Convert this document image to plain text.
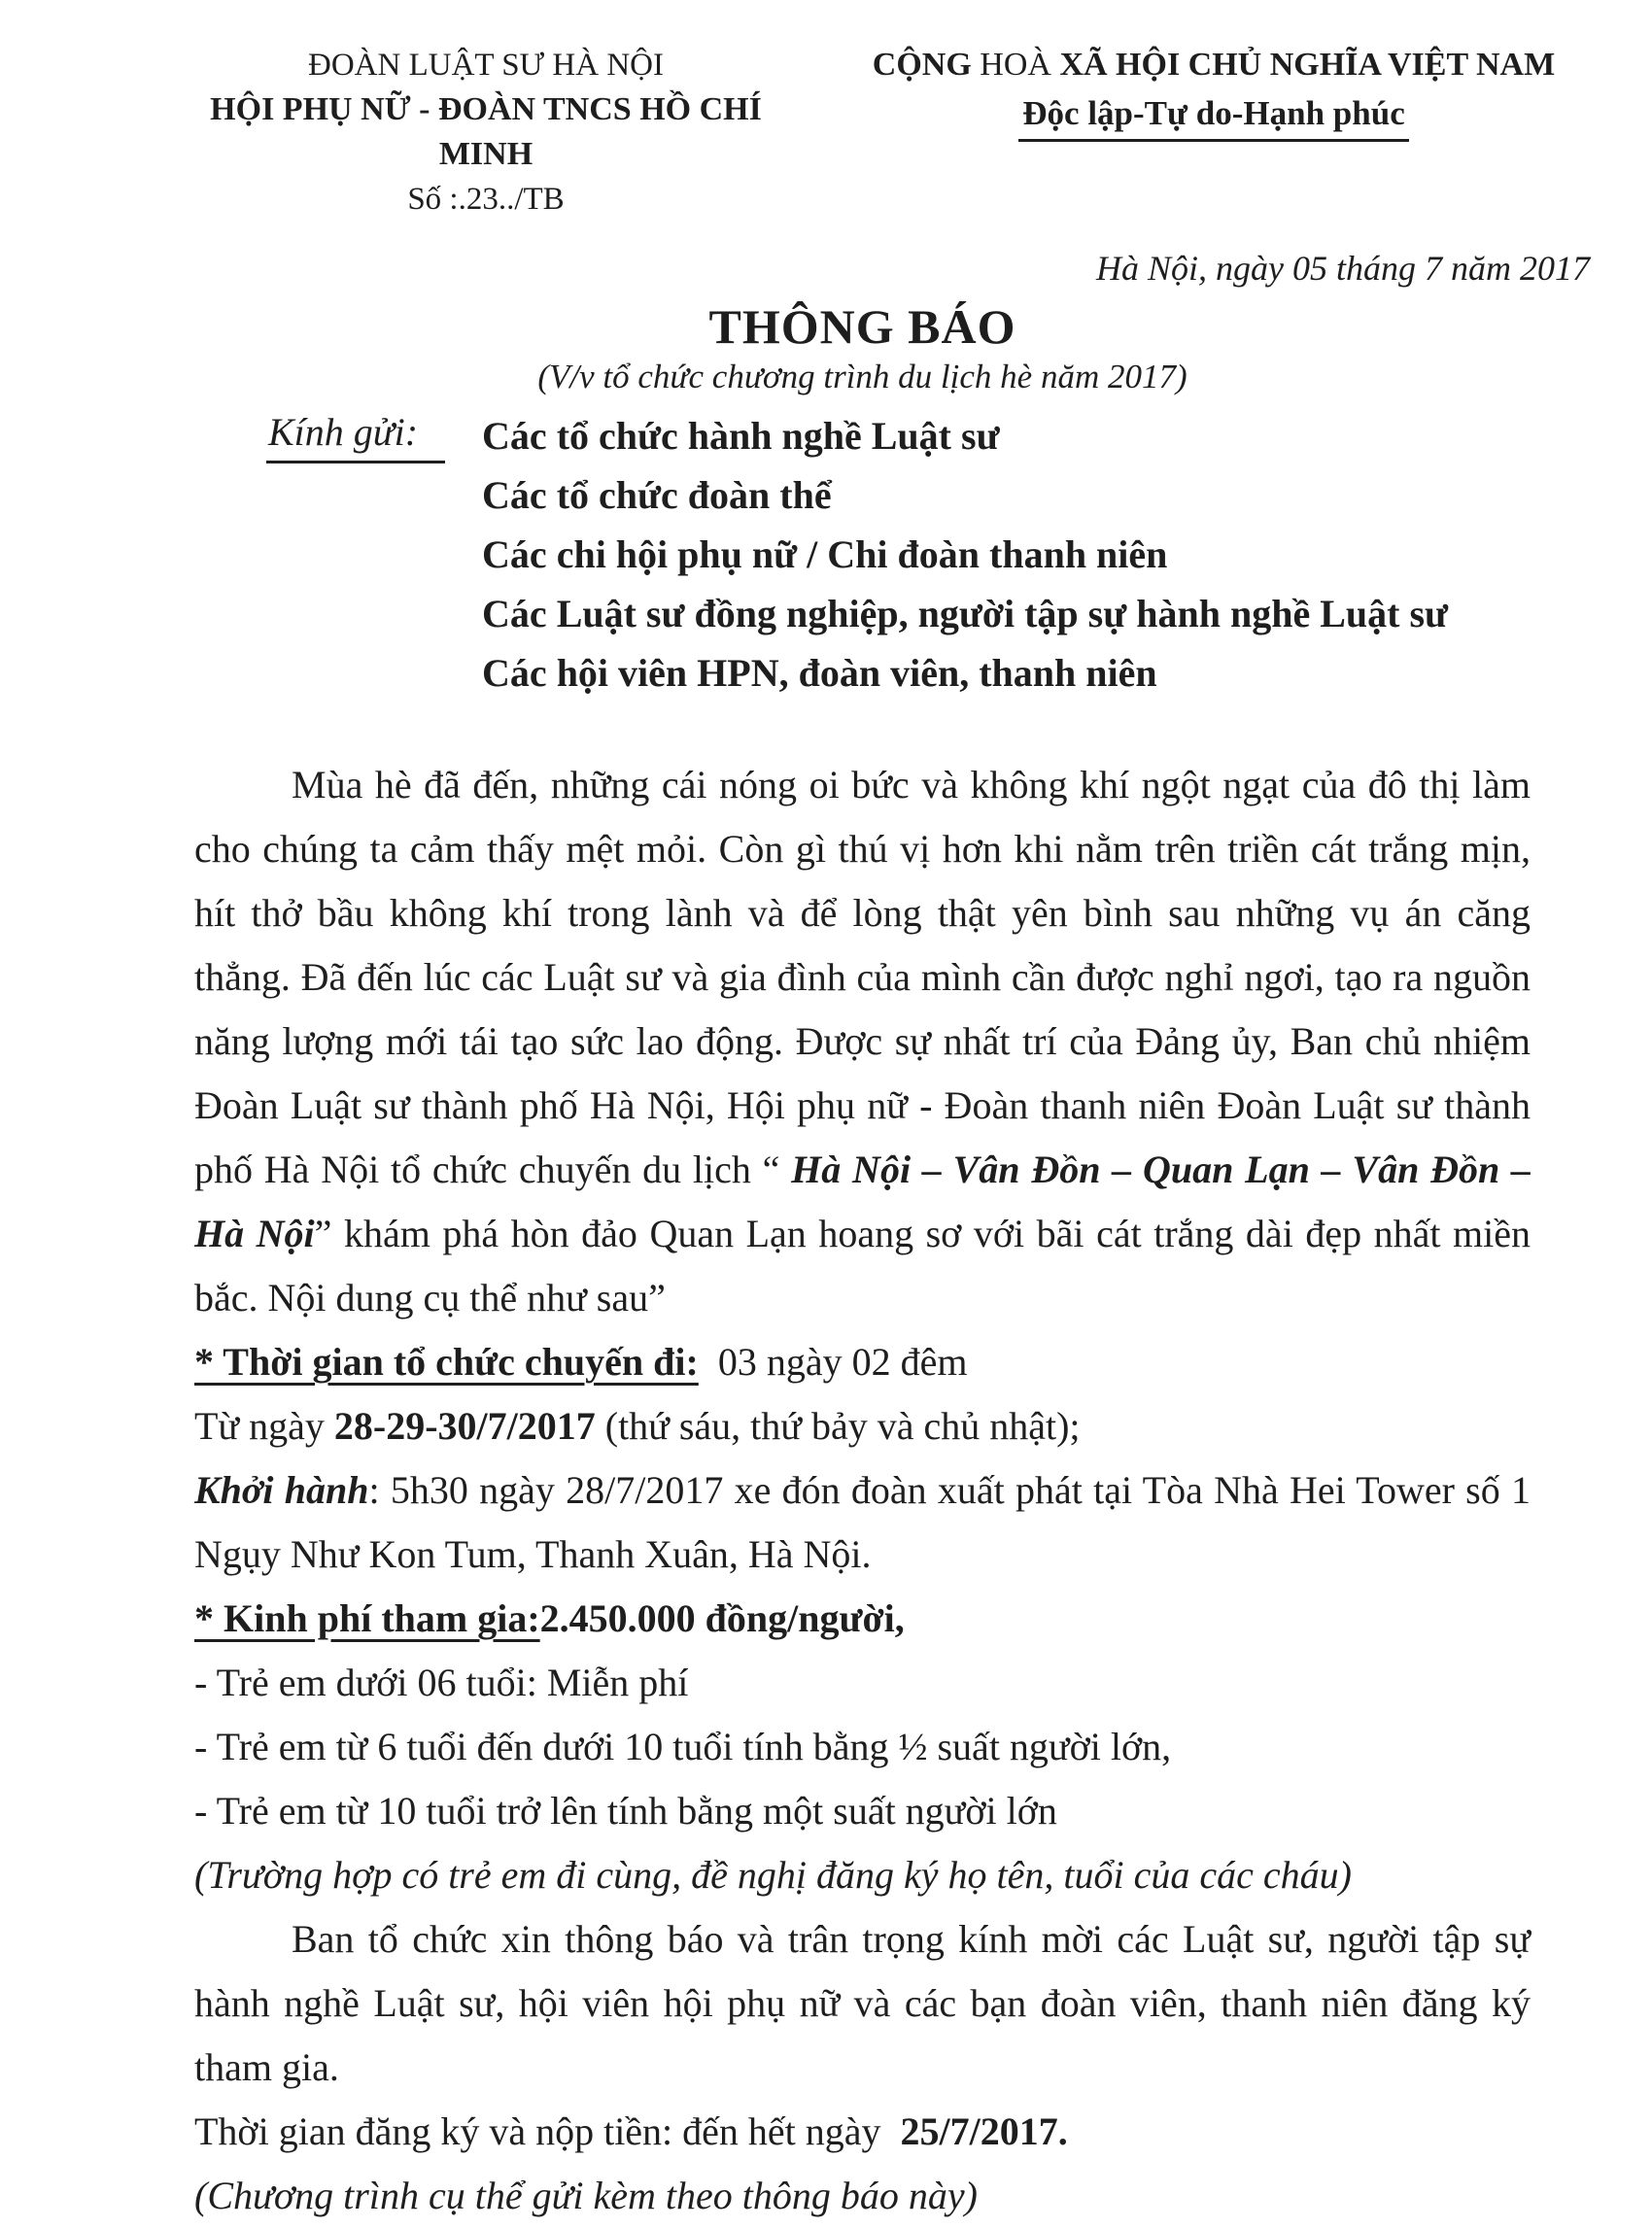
ĐOÀN LUẬT SƯ HÀ NỘI
HỘI PHỤ NỮ - ĐOÀN TNCS HỒ CHÍ MINH
Số :.23../TB
CỘNG HOÀ XÃ HỘI CHỦ NGHĨA VIỆT NAM
Độc lập-Tự do-Hạnh phúc
Hà Nội, ngày 05 tháng 7 năm 2017
THÔNG BÁO
(V/v tổ chức chương trình du lịch hè năm 2017)
Kính gửi:	Các tổ chức hành nghề Luật sư
Các tổ chức đoàn thể
Các chi hội phụ nữ / Chi đoàn thanh niên
Các Luật sư đồng nghiệp, người tập sự hành nghề Luật sư
Các hội viên HPN, đoàn viên, thanh niên
Mùa hè đã đến, những cái nóng oi bức và không khí ngột ngạt của đô thị làm cho chúng ta cảm thấy mệt mỏi. Còn gì thú vị hơn khi nằm trên triền cát trắng mịn, hít thở bầu không khí trong lành và để lòng thật yên bình sau những vụ án căng thẳng. Đã đến lúc các Luật sư và gia đình của mình cần được nghỉ ngơi, tạo ra nguồn năng lượng mới tái tạo sức lao động. Được sự nhất trí của Đảng ủy, Ban chủ nhiệm Đoàn Luật sư thành phố Hà Nội, Hội phụ nữ - Đoàn thanh niên Đoàn Luật sư thành phố Hà Nội tổ chức chuyến du lịch “ Hà Nội – Vân Đồn – Quan Lạn – Vân Đồn – Hà Nội” khám phá hòn đảo Quan Lạn hoang sơ với bãi cát trắng dài đẹp nhất miền bắc. Nội dung cụ thể như sau”
* Thời gian tổ chức chuyến đi:  03 ngày 02 đêm
Từ ngày 28-29-30/7/2017 (thứ sáu, thứ bảy và chủ nhật);
Khởi hành: 5h30 ngày 28/7/2017 xe đón đoàn xuất phát tại Tòa Nhà Hei Tower số 1 Ngụy Như Kon Tum, Thanh Xuân, Hà Nội.
* Kinh phí tham gia:2.450.000 đồng/người,
- Trẻ em dưới 06 tuổi: Miễn phí
- Trẻ em từ 6 tuổi đến dưới 10 tuổi tính bằng ½ suất người lớn,
- Trẻ em từ 10 tuổi trở lên tính bằng một suất người lớn
(Trường hợp có trẻ em đi cùng, đề nghị đăng ký họ tên, tuổi của các cháu)
Ban tổ chức xin thông báo và trân trọng kính mời các Luật sư, người tập sự hành nghề Luật sư, hội viên hội phụ nữ và các bạn đoàn viên, thanh niên đăng ký tham gia.
Thời gian đăng ký và nộp tiền: đến hết ngày  25/7/2017.
(Chương trình cụ thể gửi kèm theo thông báo này)
